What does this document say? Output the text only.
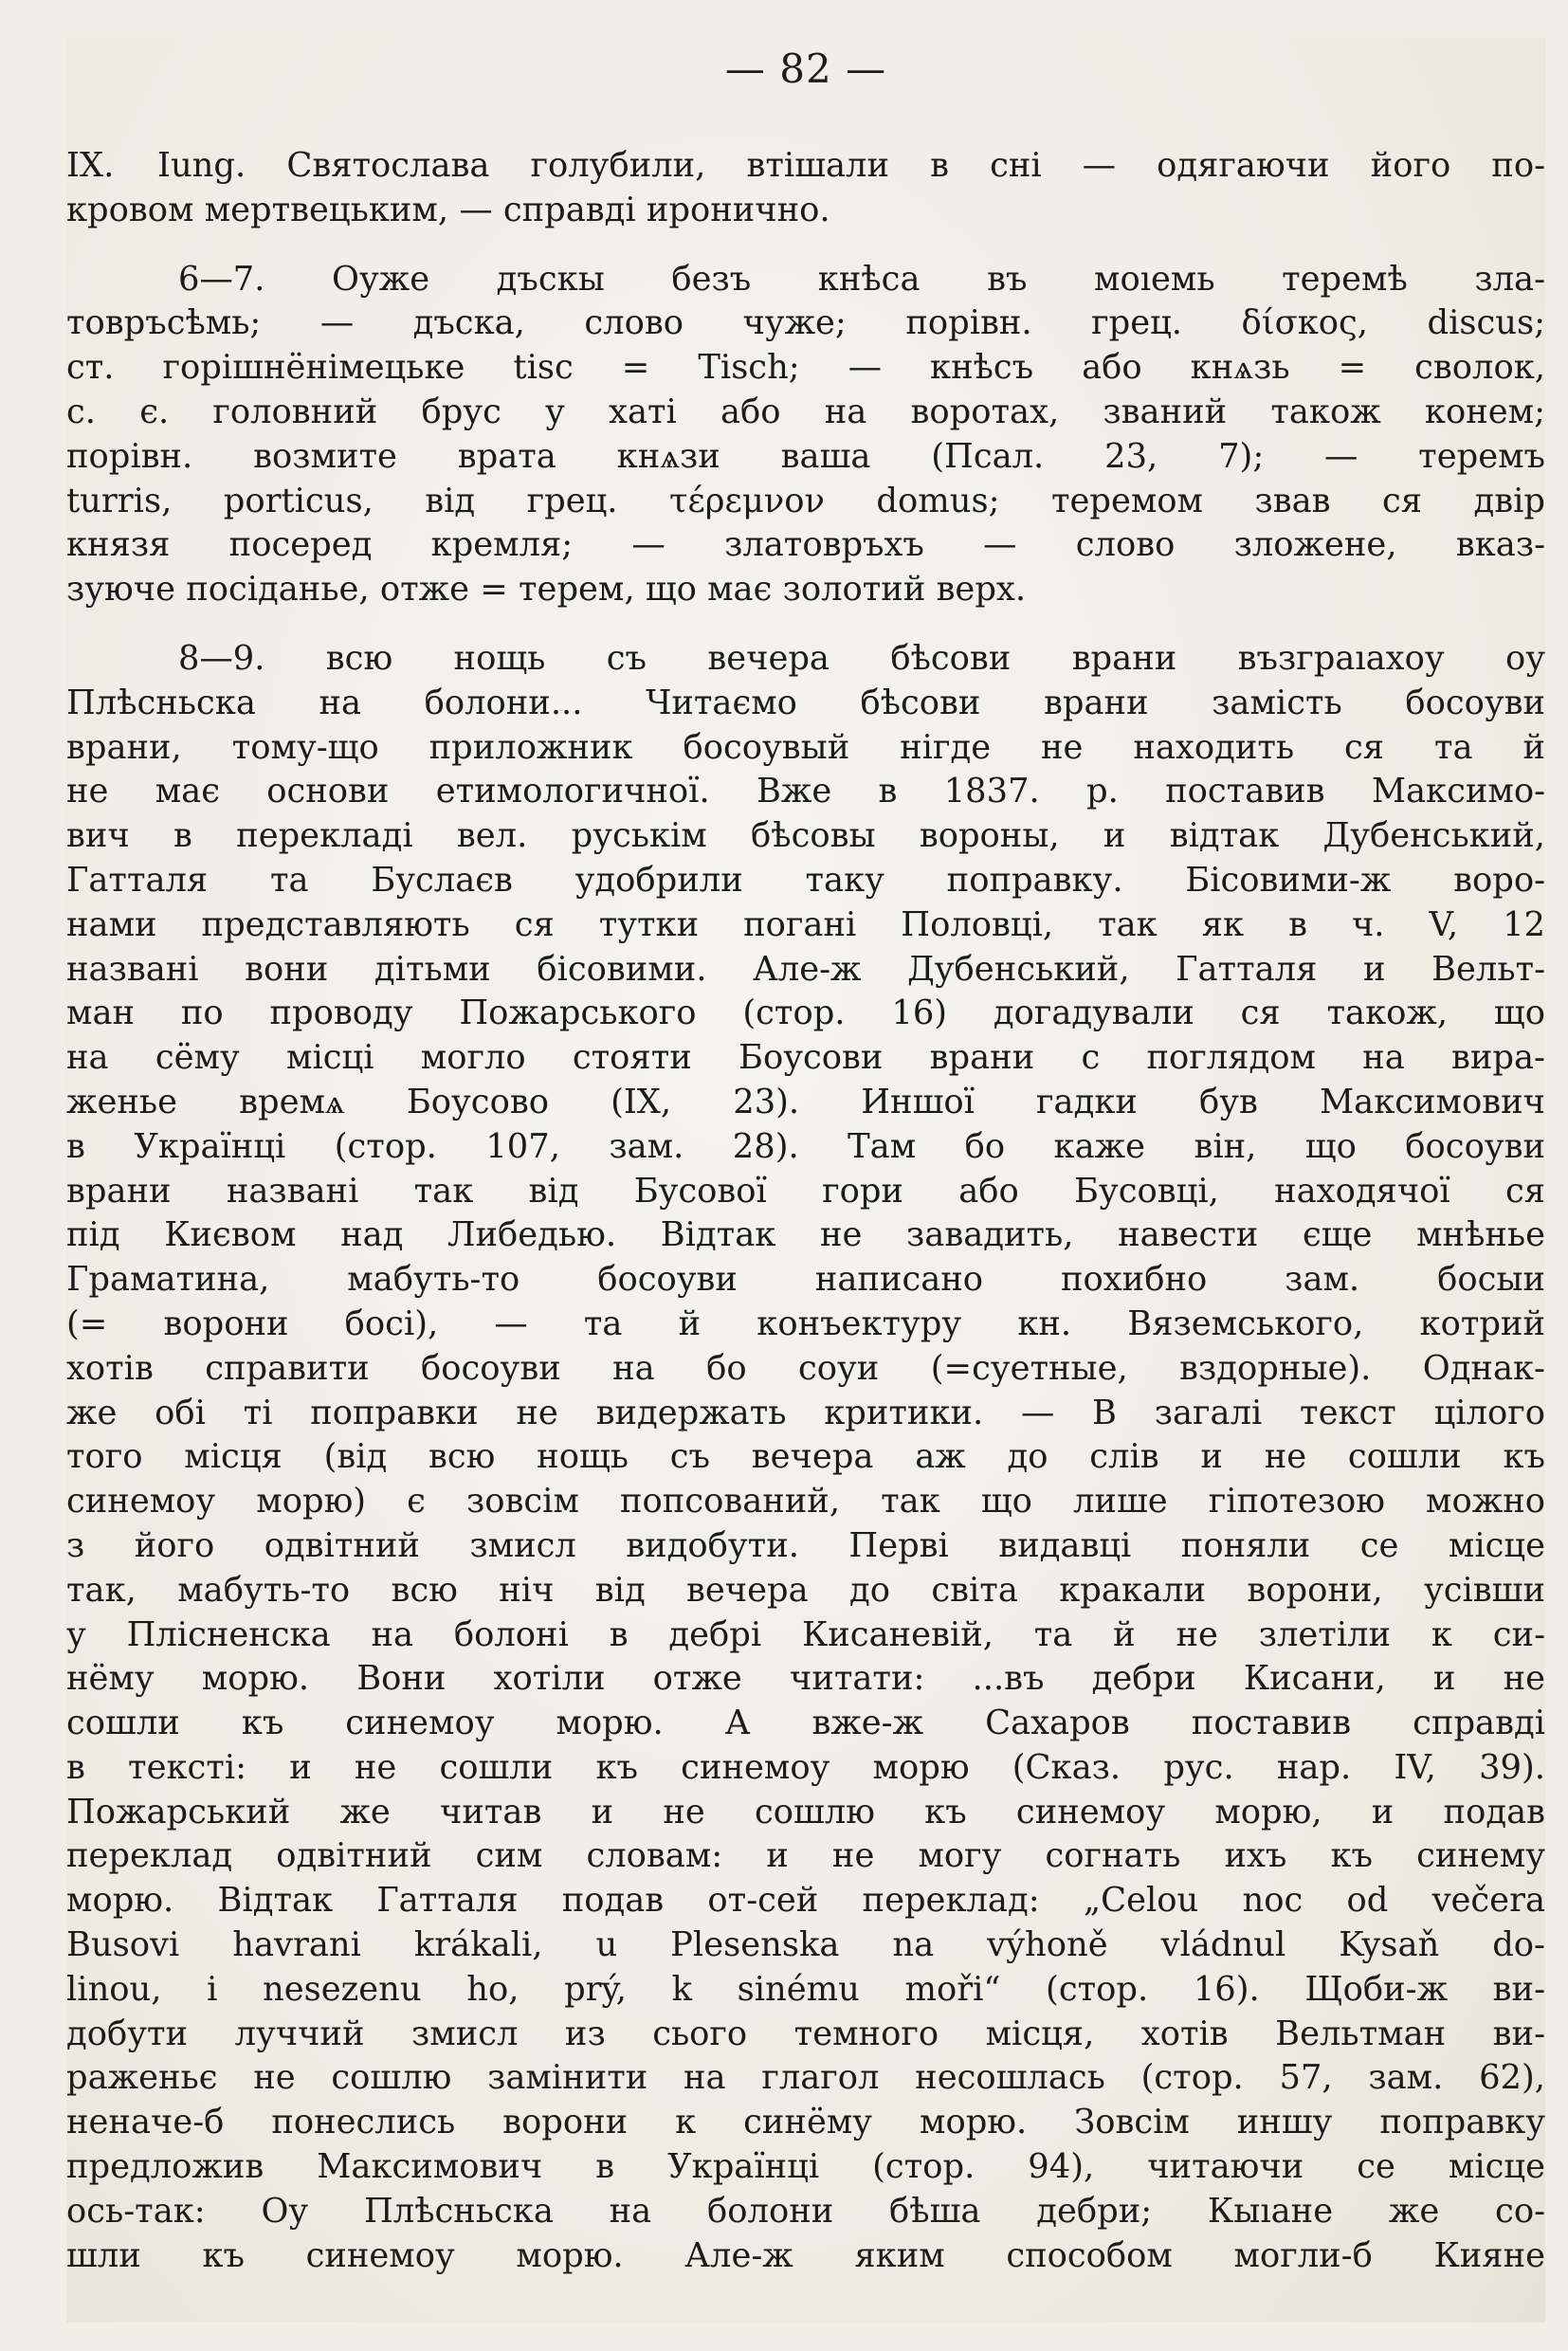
— 82 —
IX. Iung. Святослава голубили, втішали в сні — одягаючи його по-
кровом мертвецьким, — справді иронично.
6—7. Оуже дъскы безъ кнѣса въ моıемь теремѣ зла-
товръсѣмь; — дъска, слово чуже; порівн. грец. δίσκος, discus;
ст. горішнёнімецьке tisc = Tisch; — кнѣсъ або кнѧзь = сволок,
с. є. головний брус у хаті або на воротах, званий також конем;
порівн. возмите врата кнѧзи ваша (Псал. 23, 7); — теремъ
turris, porticus, від грец. τέρεμνον domus; теремом звав ся двір
князя посеред кремля; — златовръхъ — слово зложене, вказ-
зуюче посіданье, отже = терем, що має золотий верх.
8—9. всю нощь съ вечера бѣсови врани възграıахоу оу
Плѣсньска на болони... Читаємо бѣсови врани замість босоуви
врани, тому-що приложник босоувый нігде не находить ся та й
не має основи етимологичної. Вже в 1837. р. поставив Максимо-
вич в перекладі вел. руськім бѣсовы вороны, и відтак Дубенський,
Гатталя та Буслаєв удобрили таку поправку. Бісовими-ж воро-
нами представляють ся тутки погані Половці, так як в ч. V, 12
названі вони дітьми бісовими. Але-ж Дубенський, Гатталя и Вельт-
ман по проводу Пожарського (стор. 16) догадували ся також, що
на сёму місці могло стояти Боусови врани с поглядом на вира-
женье времѧ Боусово (IX, 23). Иншої гадки був Максимович
в Українці (стор. 107, зам. 28). Там бо каже він, що босоуви
врани названі так від Бусової гори або Бусовці, находячої ся
під Києвом над Либедью. Відтак не завадить, навести єще мнѣнье
Граматина, мабуть-то босоуви написано похибно зам. босыи
(= ворони босі), — та й конъектуру кн. Вяземського, котрий
хотів справити босоуви на бо соуи (=суетные, вздорные). Однак-
же обі ті поправки не видержать критики. — В загалі текст цілого
того місця (від всю нощь съ вечера аж до слів и не сошли къ
синемоу морю) є зовсім попсований, так що лише гіпотезою можно
з його одвітний змисл видобути. Перві видавці поняли се місце
так, мабуть-то всю ніч від вечера до світа кракали ворони, усівши
у Плісненска на болоні в дебрі Кисаневій, та й не злетіли к си-
нёму морю. Вони хотіли отже читати: ...въ дебри Кисани, и не
сошли къ синемоу морю. А вже-ж Сахаров поставив справді
в тексті: и не сошли къ синемоу морю (Сказ. рус. нар. IV, 39).
Пожарський же читав и не сошлю къ синемоу морю, и подав
переклад одвітний сим словам: и не могу согнать ихъ къ синему
морю. Відтак Гатталя подав от-сей переклад: „Celou noc od večera
Busovi havrani krákali, u Plesenska na výhoně vládnul Kysaň do-
linou, i nesezenu ho, prý, k sinému moři“ (стор. 16). Щоби-ж ви-
добути луччий змисл из сього темного місця, хотів Вельтман ви-
раженьє не сошлю замінити на глагол несошлась (стор. 57, зам. 62),
неначе-б понеслись ворони к синёму морю. Зовсім иншу поправку
предложив Максимович в Українці (стор. 94), читаючи се місце
ось-так: Оу Плѣсньска на болони бѣша дебри; Кыıане же со-
шли къ синемоу морю. Але-ж яким способом могли-б Кияне
